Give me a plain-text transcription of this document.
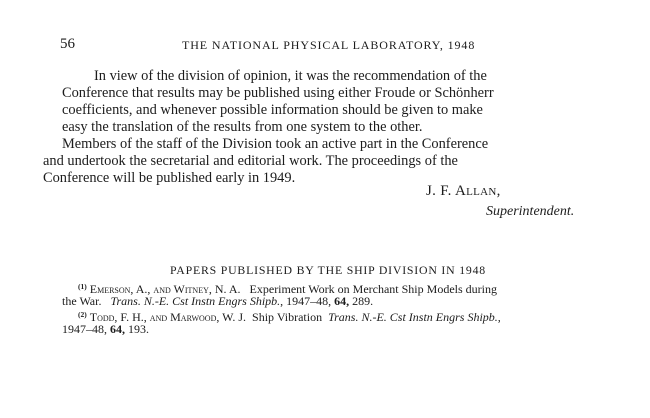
56	THE NATIONAL PHYSICAL LABORATORY, 1948
In view of the division of opinion, it was the recommendation of the
Conference that results may be published using either Froude or Schönherr
coefficients, and whenever possible information should be given to make
easy the translation of the results from one system to the other.
Members of the staff of the Division took an active part in the Conference
and undertook the secretarial and editorial work. The proceedings of the
Conference will be published early in 1949.
J. F. Allan,
Superintendent.
PAPERS PUBLISHED BY THE SHIP DIVISION IN 1948
$^{(1)}$ Emerson, A., and Witney, N. A. Experiment Work on Merchant Ship Models during
the War. Trans. N.-E. Cst Instn Engrs Shipb., 1947–48, 64, 289.
$^{(2)}$ Todd, F. H., and Marwood, W. J. Ship Vibration Trans. N.-E. Cst Instn Engrs Shipb.,
1947–48, 64, 193.
